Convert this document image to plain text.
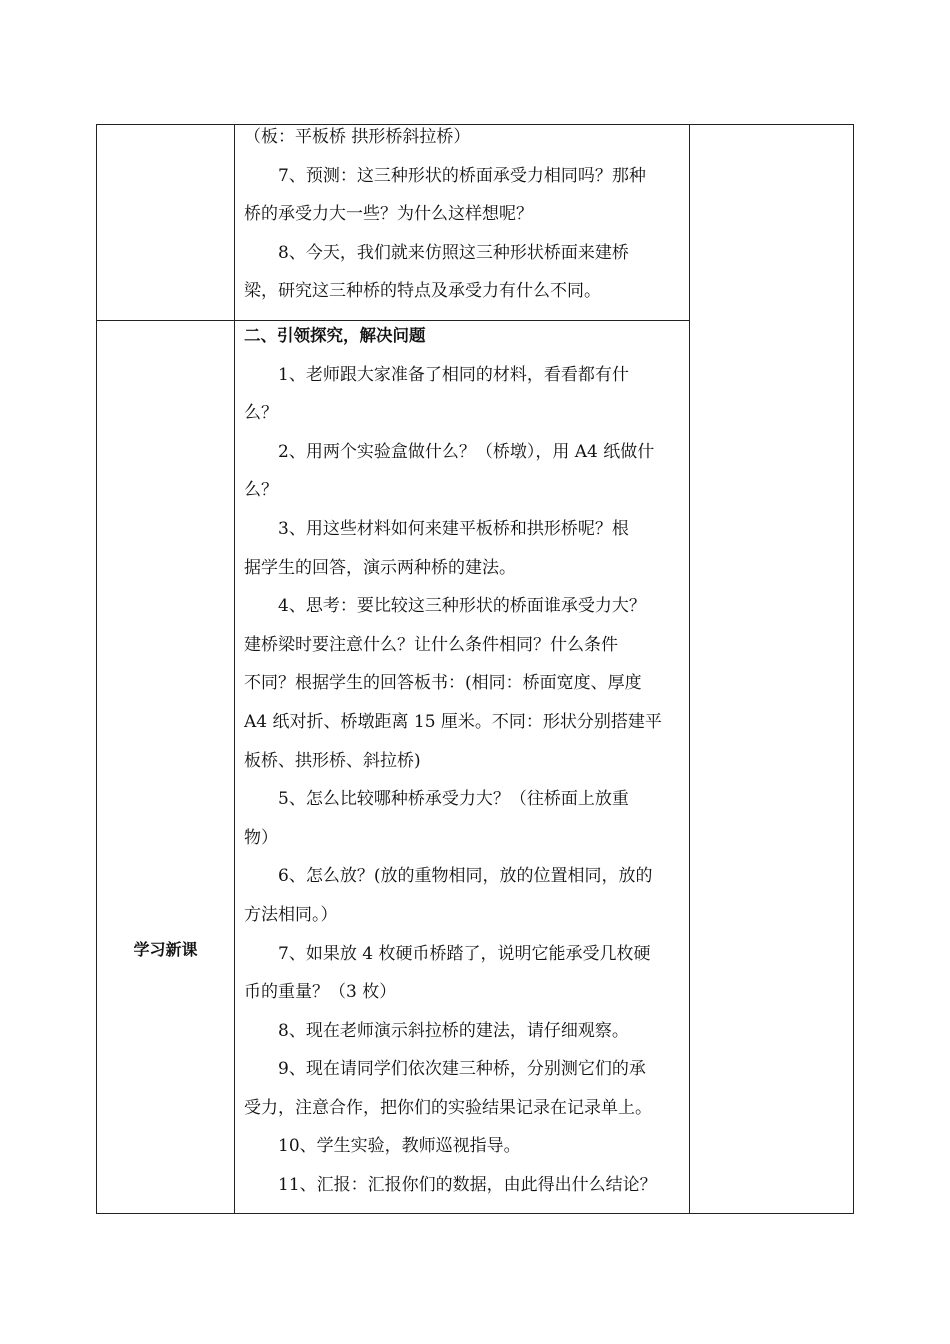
（板：平板桥 拱形桥斜拉桥）
7、预测：这三种形状的桥面承受力相同吗？那种
桥的承受力大一些？为什么这样想呢？
8、今天，我们就来仿照这三种形状桥面来建桥
梁，研究这三种桥的特点及承受力有什么不同。
学习新课
二、引领探究，解决问题
1、老师跟大家准备了相同的材料，看看都有什
么？
2、用两个实验盒做什么？（桥墩），用 A4 纸做什
么？
3、用这些材料如何来建平板桥和拱形桥呢？根
据学生的回答，演示两种桥的建法。
4、思考：要比较这三种形状的桥面谁承受力大？
建桥梁时要注意什么？让什么条件相同？什么条件
不同？根据学生的回答板书：(相同：桥面宽度、厚度
A4 纸对折、桥墩距离 15 厘米。不同：形状分别搭建平
板桥、拱形桥、斜拉桥)
5、怎么比较哪种桥承受力大？（往桥面上放重
物）
6、怎么放？(放的重物相同，放的位置相同，放的
方法相同。）
7、如果放 4 枚硬币桥踏了，说明它能承受几枚硬
币的重量？（3 枚）
8、现在老师演示斜拉桥的建法，请仔细观察。
9、现在请同学们依次建三种桥，分别测它们的承
受力，注意合作，把你们的实验结果记录在记录单上。
10、学生实验，教师巡视指导。
11、汇报：汇报你们的数据，由此得出什么结论？
